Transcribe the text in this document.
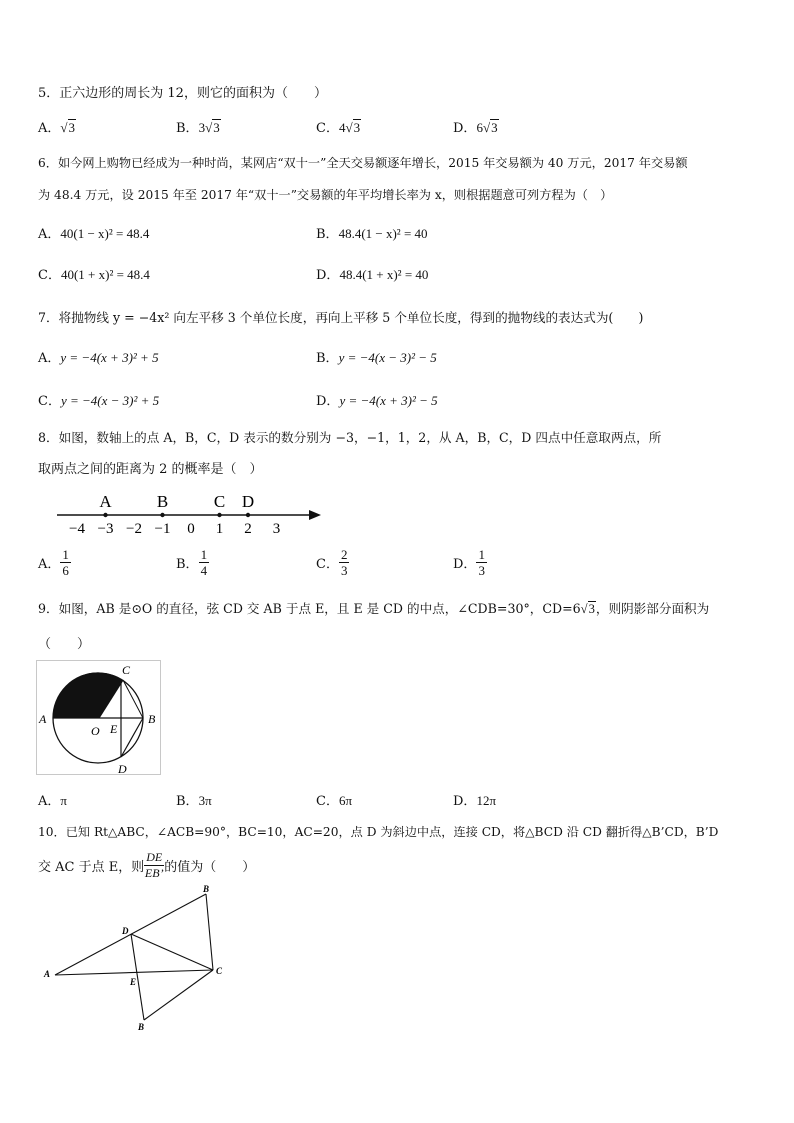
5．正六边形的周长为 12，则它的面积为（　　）
A．√3	B．3√3	C．4√3	D．6√3
6．如今网上购物已经成为一种时尚，某网店“双十一”全天交易额逐年增长，2015 年交易额为 40 万元，2017 年交易额
为 48.4 万元，设 2015 年至 2017 年“双十一”交易额的年平均增长率为 x，则根据题意可列方程为（　）
A．40(1 − x)² = 48.4	B．48.4(1 − x)² = 40
C．40(1 + x)² = 48.4	D．48.4(1 + x)² = 40
7．将抛物线 y = −4x² 向左平移 3 个单位长度，再向上平移 5 个单位长度，得到的抛物线的表达式为(　　)
A．y = −4(x + 3)² + 5	B．y = −4(x − 3)² − 5
C．y = −4(x − 3)² + 5	D．y = −4(x + 3)² − 5
8．如图，数轴上的点 A，B，C，D 表示的数分别为 −3，−1，1，2，从 A，B，C，D 四点中任意取两点，所
取两点之间的距离为 2 的概率是（　）
−4 −3 −2 −1 0 1 2 3
A	B	C D
A． $\frac{1}{6}$	B． $\frac{1}{4}$	C． $\frac{2}{3}$	D． $\frac{1}{3}$
9．如图，AB 是⊙O 的直径，弦 CD 交 AB 于点 E，且 E 是 CD 的中点，∠CDB=30°，CD=6√3，则阴影部分面积为
（　　）
C
A	B
O E
D
A．π	B．3π	C．6π	D．12π
10．已知 Rt△ABC，∠ACB=90°，BC=10，AC=20，点 D 为斜边中点，连接 CD，将△BCD 沿 CD 翻折得△B’CD，B’D
交 AC 于点 E，则 $\frac{DE}{EB’}$ 的值为（　　）
B
D
A
E
C
B
